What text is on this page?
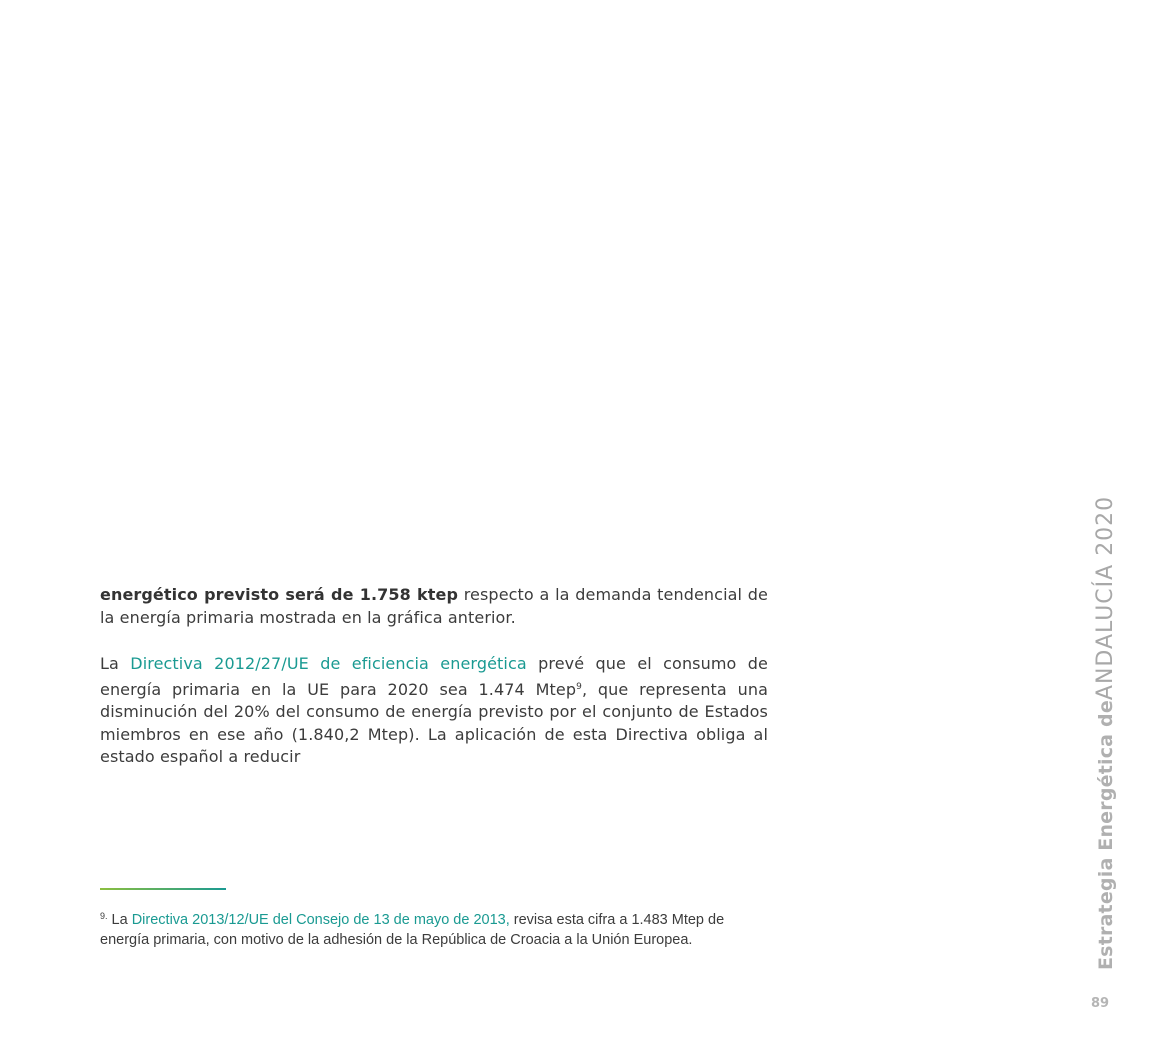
energético previsto será de 1.758 ktep respecto a la demanda tendencial de la energía primaria mostrada en la gráfica anterior.

La Directiva 2012/27/UE de eficiencia energética prevé que el consumo de energía primaria en la UE para 2020 sea 1.474 Mtep$^9$, que representa una disminución del 20% del consumo de energía previsto por el conjunto de Estados miembros en ese año (1.840,2 Mtep). La aplicación de esta Directiva obliga al estado español a reducir

$^{9.}$ La Directiva 2013/12/UE del Consejo de 13 de mayo de 2013, revisa esta cifra a 1.483 Mtep de energía primaria, con motivo de la adhesión de la República de Croacia a la Unión Europea.	Estrategia Energética deANDALUCÍA 2020
89
